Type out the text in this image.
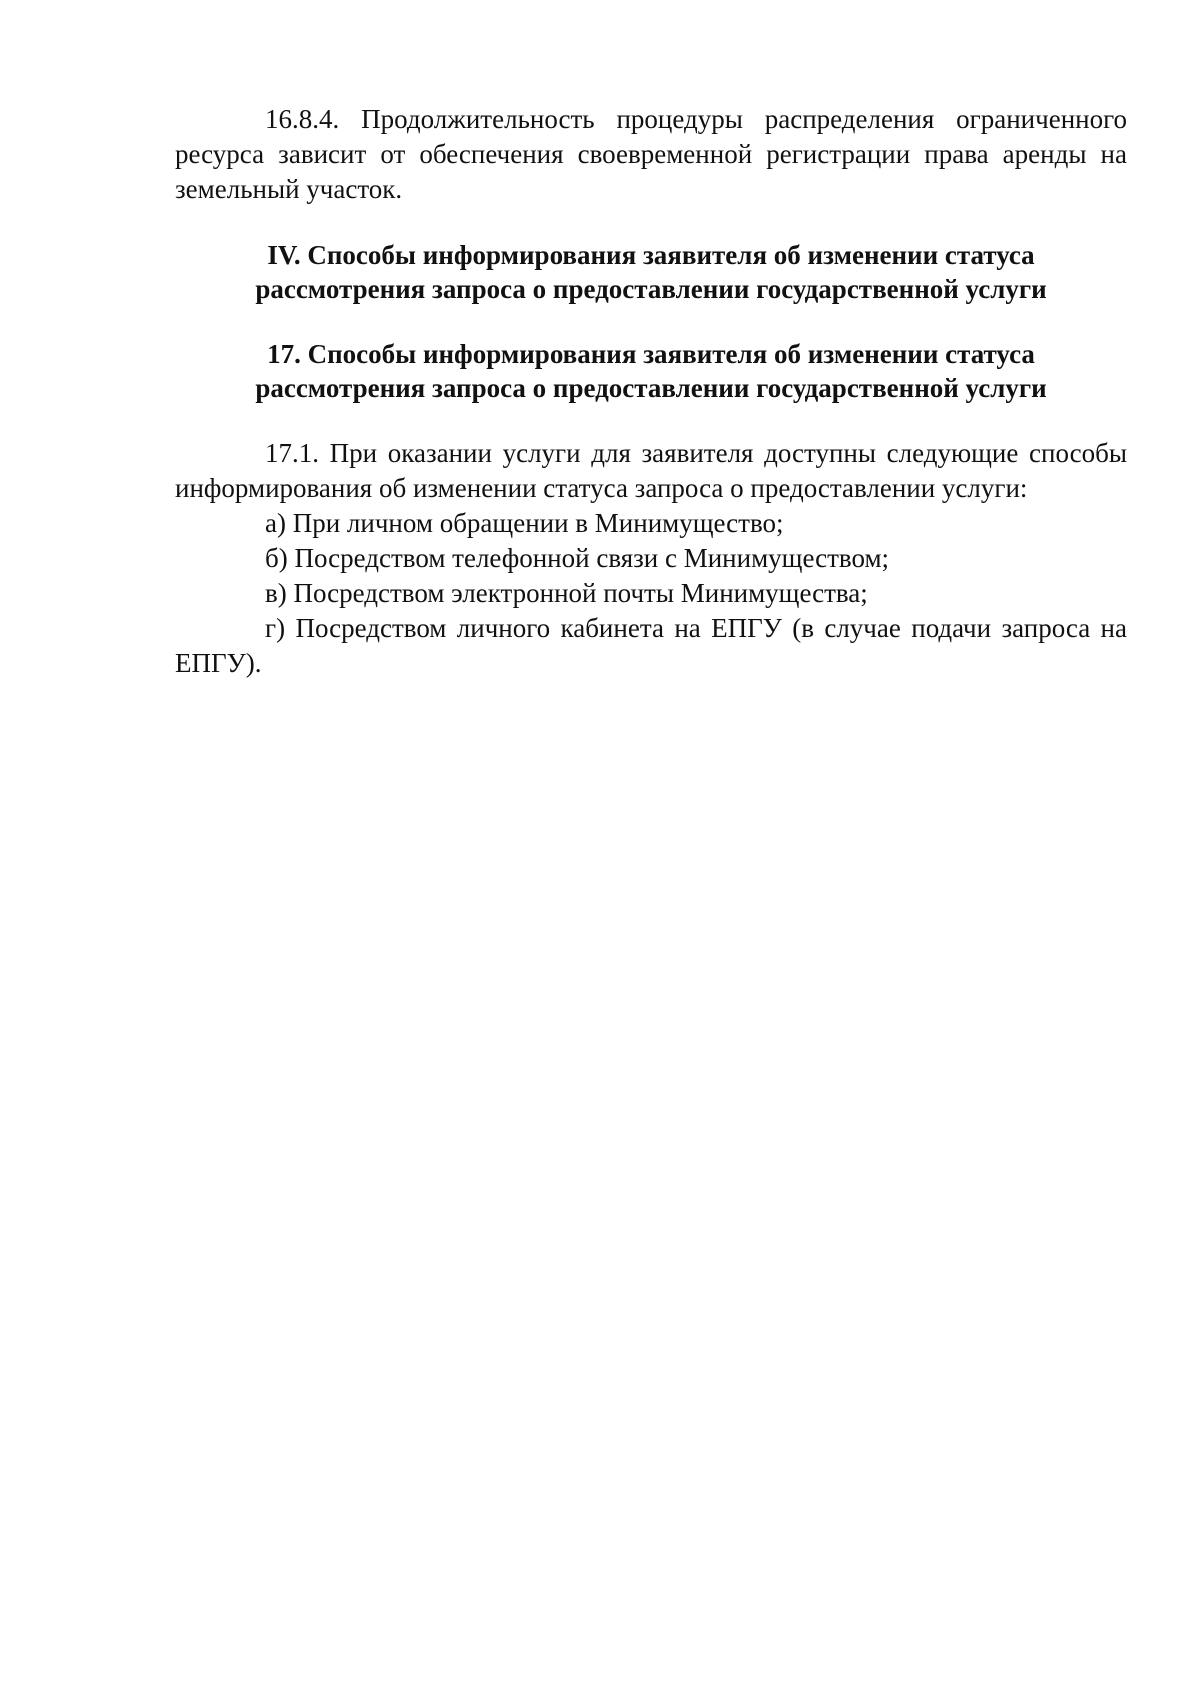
16.8.4. Продолжительность процедуры распределения ограниченного ресурса зависит от обеспечения своевременной регистрации права аренды на земельный участок.

IV. Способы информирования заявителя об изменении статуса
рассмотрения запроса о предоставлении государственной услуги
17. Способы информирования заявителя об изменении статуса
рассмотрения запроса о предоставлении государственной услуги

17.1. При оказании услуги для заявителя доступны следующие способы информирования об изменении статуса запроса о предоставлении услуги:

а) При личном обращении в Минимущество;

б) Посредством телефонной связи с Минимуществом;

в) Посредством электронной почты Минимущества;

г) Посредством личного кабинета на ЕПГУ (в случае подачи запроса на ЕПГУ).
